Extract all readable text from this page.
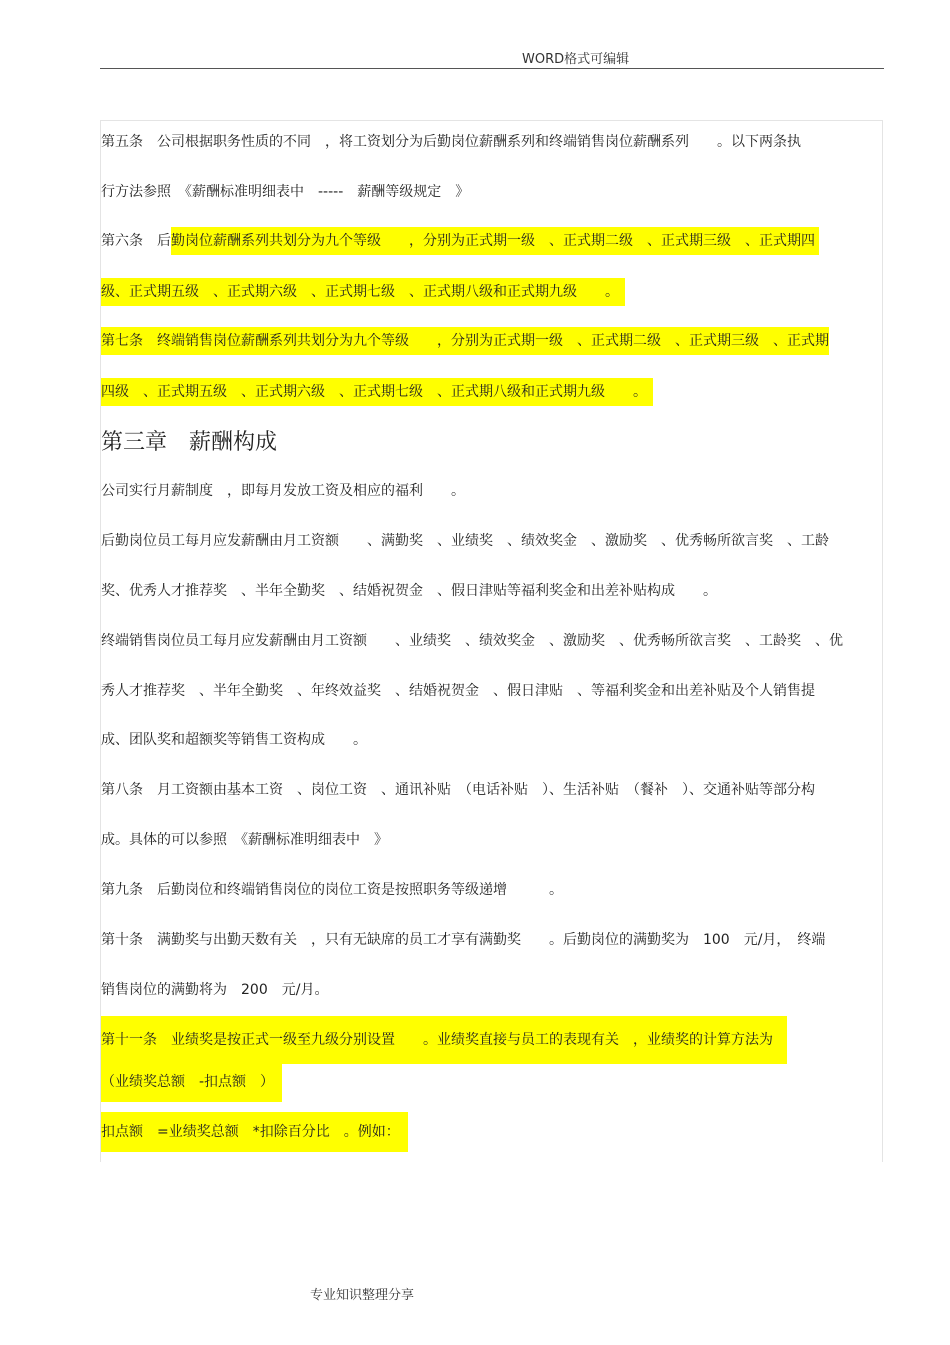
WORD格式可编辑
第五条　公司根据职务性质的不同　，将工资划分为后勤岗位薪酬系列和终端销售岗位薪酬系列　　。以下两条执
行方法参照　《薪酬标准明细表中　-----　薪酬等级规定　》
第六条　后勤岗位薪酬系列共划分为九个等级　　，分别为正式期一级　、正式期二级　、正式期三级　、正式期四
级、正式期五级　、正式期六级　、正式期七级　、正式期八级和正式期九级　　。
第七条　终端销售岗位薪酬系列共划分为九个等级　　，分别为正式期一级　、正式期二级　、正式期三级　、正式期
四级　、正式期五级　、正式期六级　、正式期七级　、正式期八级和正式期九级　　。
第三章　薪酬构成
公司实行月薪制度　，即每月发放工资及相应的福利　　。
后勤岗位员工每月应发薪酬由月工资额　　、满勤奖　、业绩奖　、绩效奖金　、激励奖　、优秀畅所欲言奖　、工龄
奖、优秀人才推荐奖　、半年全勤奖　、结婚祝贺金　、假日津贴等福利奖金和出差补贴构成　　。
终端销售岗位员工每月应发薪酬由月工资额　　、业绩奖　、绩效奖金　、激励奖　、优秀畅所欲言奖　、工龄奖　、优
秀人才推荐奖　、半年全勤奖　、年终效益奖　、结婚祝贺金　、假日津贴　、等福利奖金和出差补贴及个人销售提
成、团队奖和超额奖等销售工资构成　　。
第八条　月工资额由基本工资　、岗位工资　、通讯补贴　（电话补贴　）、生活补贴　（餐补　）、交通补贴等部分构
成。具体的可以参照　《薪酬标准明细表中　》
第九条　后勤岗位和终端销售岗位的岗位工资是按照职务等级递增　　　。
第十条　满勤奖与出勤天数有关　，只有无缺席的员工才享有满勤奖　　。后勤岗位的满勤奖为　100　元/月，　终端
销售岗位的满勤将为　200　元/月。
第十一条　业绩奖是按正式一级至九级分别设置　　。业绩奖直接与员工的表现有关　，业绩奖的计算方法为
（业绩奖总额　-扣点额　）
扣点额　=业绩奖总额　*扣除百分比　。例如：
专业知识整理分享
